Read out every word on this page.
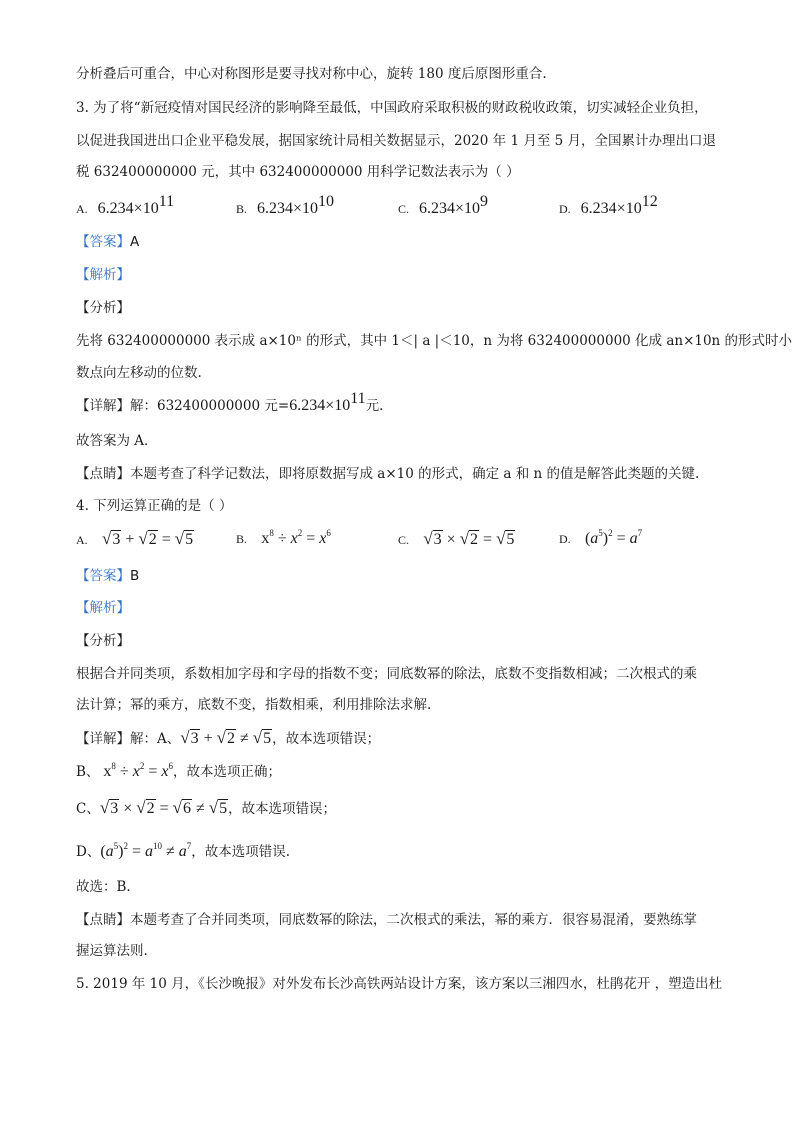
分析叠后可重合，中心对称图形是要寻找对称中心，旋转 180 度后原图形重合.
3. 为了将“新冠疫情对国民经济的影响降至最低，中国政府采取积极的财政税收政策，切实减轻企业负担，
以促进我国进出口企业平稳发展，据国家统计局相关数据显示，2020 年 1 月至 5 月，全国累计办理出口退
税 632400000000 元，其中 632400000000 用科学记数法表示为（ ）
A. $6.234\times 10^{11}$	B. $6.234\times 10^{10}$	C. $6.234\times 10^9$	D. $6.234\times 10^{12}$
【答案】A
【解析】
【分析】
先将 632400000000 表示成 a×10ⁿ 的形式，其中 1＜| a |＜10，n 为将 632400000000 化成 an×10n 的形式时小
数点向左移动的位数.
【详解】解：632400000000 元$=6.234\times 10^{11}$元.
故答案为 A．
【点睛】本题考查了科学记数法，即将原数据写成 a×10 的形式，确定 a 和 n 的值是解答此类题的关键.
4. 下列运算正确的是（ ）
A. √3 + √2 = √5	B. $x^8 \div x^2 = x^6$	C. √3 × √2 = √5	D. $(a^5)^2 = a^7$
【答案】B
【解析】
【分析】
根据合并同类项，系数相加字母和字母的指数不变；同底数幂的除法，底数不变指数相减；二次根式的乘
法计算；幂的乘方，底数不变，指数相乘，利用排除法求解.
【详解】解：A、√3 + √2 ≠ √5，故本选项错误；
B、 $x^8 \div x^2 = x^6$，故本选项正确；
C、√3 × √2 = √6 ≠ √5，故本选项错误；
D、$(a^5)^2 = a^{10} \ne a^7$，故本选项错误.
故选：B.
【点睛】本题考查了合并同类项，同底数幂的除法，二次根式的乘法，幂的乘方．很容易混淆，要熟练掌
握运算法则.
5. 2019 年 10 月，《长沙晚报》对外发布长沙高铁两站设计方案，该方案以三湘四水，杜鹃花开 ，塑造出杜
